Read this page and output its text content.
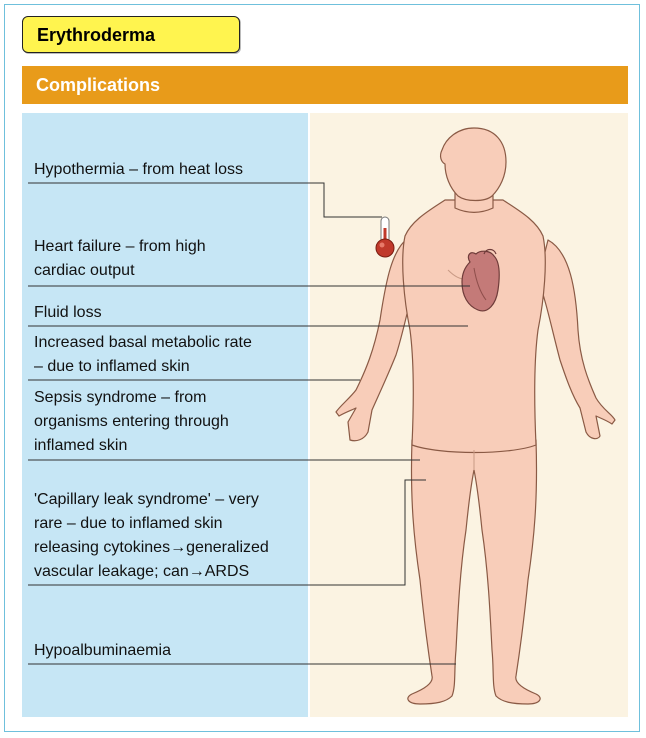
Erythroderma
Complications
Hypothermia – from heat loss
Heart failure – from high
cardiac output
Fluid loss
Increased basal metabolic rate
– due to inflamed skin
Sepsis syndrome – from
organisms entering through
inflamed skin
'Capillary leak syndrome' – very
rare – due to inflamed skin
releasing cytokines→generalized
vascular leakage; can→ARDS
Hypoalbuminaemia
